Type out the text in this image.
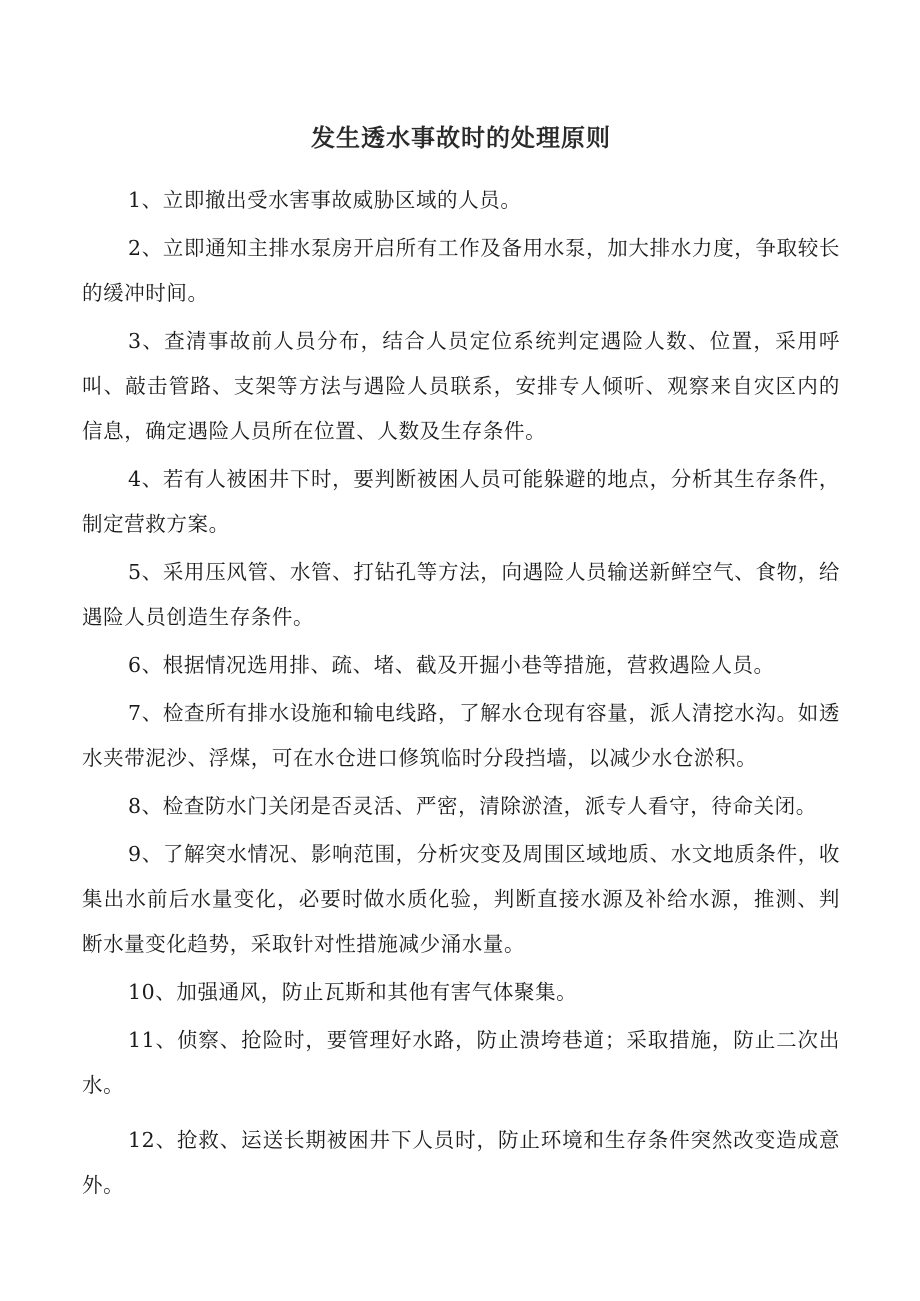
发生透水事故时的处理原则

1、立即撤出受水害事故威胁区域的人员。

2、立即通知主排水泵房开启所有工作及备用水泵，加大排水力度，争取较长的缓冲时间。

3、查清事故前人员分布，结合人员定位系统判定遇险人数、位置，采用呼叫、敲击管路、支架等方法与遇险人员联系，安排专人倾听、观察来自灾区内的信息，确定遇险人员所在位置、人数及生存条件。

4、若有人被困井下时，要判断被困人员可能躲避的地点，分析其生存条件，制定营救方案。

5、采用压风管、水管、打钻孔等方法，向遇险人员输送新鲜空气、食物，给遇险人员创造生存条件。

6、根据情况选用排、疏、堵、截及开掘小巷等措施，营救遇险人员。

7、检查所有排水设施和输电线路，了解水仓现有容量，派人清挖水沟。如透水夹带泥沙、浮煤，可在水仓进口修筑临时分段挡墙，以减少水仓淤积。

8、检查防水门关闭是否灵活、严密，清除淤渣，派专人看守，待命关闭。

9、了解突水情况、影响范围，分析灾变及周围区域地质、水文地质条件，收集出水前后水量变化，必要时做水质化验，判断直接水源及补给水源，推测、判断水量变化趋势，采取针对性措施减少涌水量。

10、加强通风，防止瓦斯和其他有害气体聚集。

11、侦察、抢险时，要管理好水路，防止溃垮巷道；采取措施，防止二次出水。

12、抢救、运送长期被困井下人员时，防止环境和生存条件突然改变造成意外。
